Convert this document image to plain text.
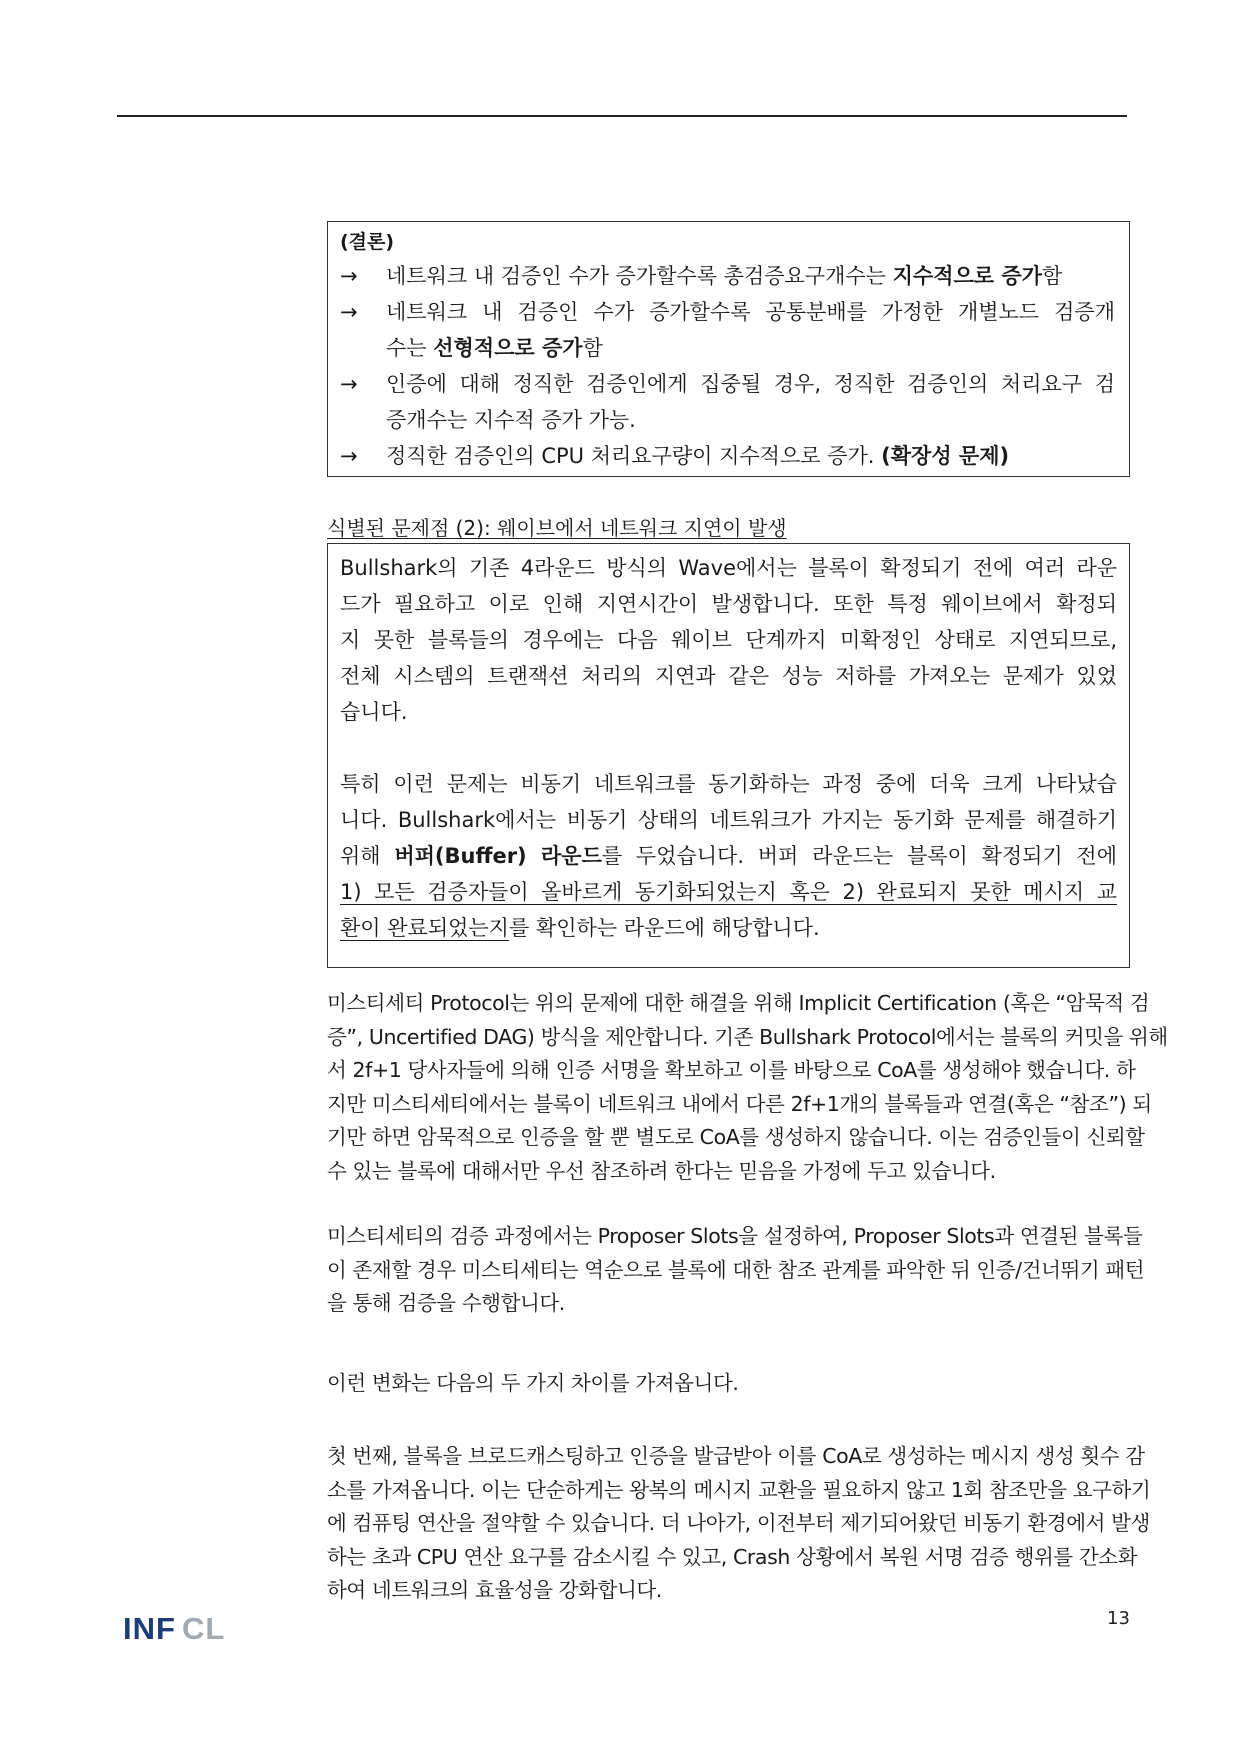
(결론)
→	네트워크 내 검증인 수가 증가할수록 총검증요구개수는 지수적으로 증가함
→	네트워크 내 검증인 수가 증가할수록 공통분배를 가정한 개별노드 검증개
수는 선형적으로 증가함
→	인증에 대해 정직한 검증인에게 집중될 경우, 정직한 검증인의 처리요구 검
증개수는 지수적 증가 가능.
→	정직한 검증인의 CPU 처리요구량이 지수적으로 증가. (확장성 문제)
식별된 문제점 (2): 웨이브에서 네트워크 지연이 발생
Bullshark의 기존 4라운드 방식의 Wave에서는 블록이 확정되기 전에 여러 라운
드가 필요하고 이로 인해 지연시간이 발생합니다. 또한 특정 웨이브에서 확정되
지 못한 블록들의 경우에는 다음 웨이브 단계까지 미확정인 상태로 지연되므로,
전체 시스템의 트랜잭션 처리의 지연과 같은 성능 저하를 가져오는 문제가 있었
습니다.
특히 이런 문제는 비동기 네트워크를 동기화하는 과정 중에 더욱 크게 나타났습
니다. Bullshark에서는 비동기 상태의 네트워크가 가지는 동기화 문제를 해결하기
위해 버퍼(Buffer) 라운드를 두었습니다. 버퍼 라운드는 블록이 확정되기 전에
1) 모든 검증자들이 올바르게 동기화되었는지 혹은 2) 완료되지 못한 메시지 교
환이 완료되었는지를 확인하는 라운드에 해당합니다.
미스티세티 Protocol는 위의 문제에 대한 해결을 위해 Implicit Certification (혹은 “암묵적 검
증”, Uncertified DAG) 방식을 제안합니다. 기존 Bullshark Protocol에서는 블록의 커밋을 위해
서 2f+1 당사자들에 의해 인증 서명을 확보하고 이를 바탕으로 CoA를 생성해야 했습니다. 하
지만 미스티세티에서는 블록이 네트워크 내에서 다른 2f+1개의 블록들과 연결(혹은 “참조”) 되
기만 하면 암묵적으로 인증을 할 뿐 별도로 CoA를 생성하지 않습니다. 이는 검증인들이 신뢰할
수 있는 블록에 대해서만 우선 참조하려 한다는 믿음을 가정에 두고 있습니다.
미스티세티의 검증 과정에서는 Proposer Slots을 설정하여, Proposer Slots과 연결된 블록들
이 존재할 경우 미스티세티는 역순으로 블록에 대한 참조 관계를 파악한 뒤 인증/건너뛰기 패턴
을 통해 검증을 수행합니다.
이런 변화는 다음의 두 가지 차이를 가져옵니다.
첫 번째, 블록을 브로드캐스팅하고 인증을 발급받아 이를 CoA로 생성하는 메시지 생성 횟수 감
소를 가져옵니다. 이는 단순하게는 왕복의 메시지 교환을 필요하지 않고 1회 참조만을 요구하기
에 컴퓨팅 연산을 절약할 수 있습니다. 더 나아가, 이전부터 제기되어왔던 비동기 환경에서 발생
하는 초과 CPU 연산 요구를 감소시킬 수 있고, Crash 상황에서 복원 서명 검증 행위를 간소화
하여 네트워크의 효율성을 강화합니다.
INF CL	13
